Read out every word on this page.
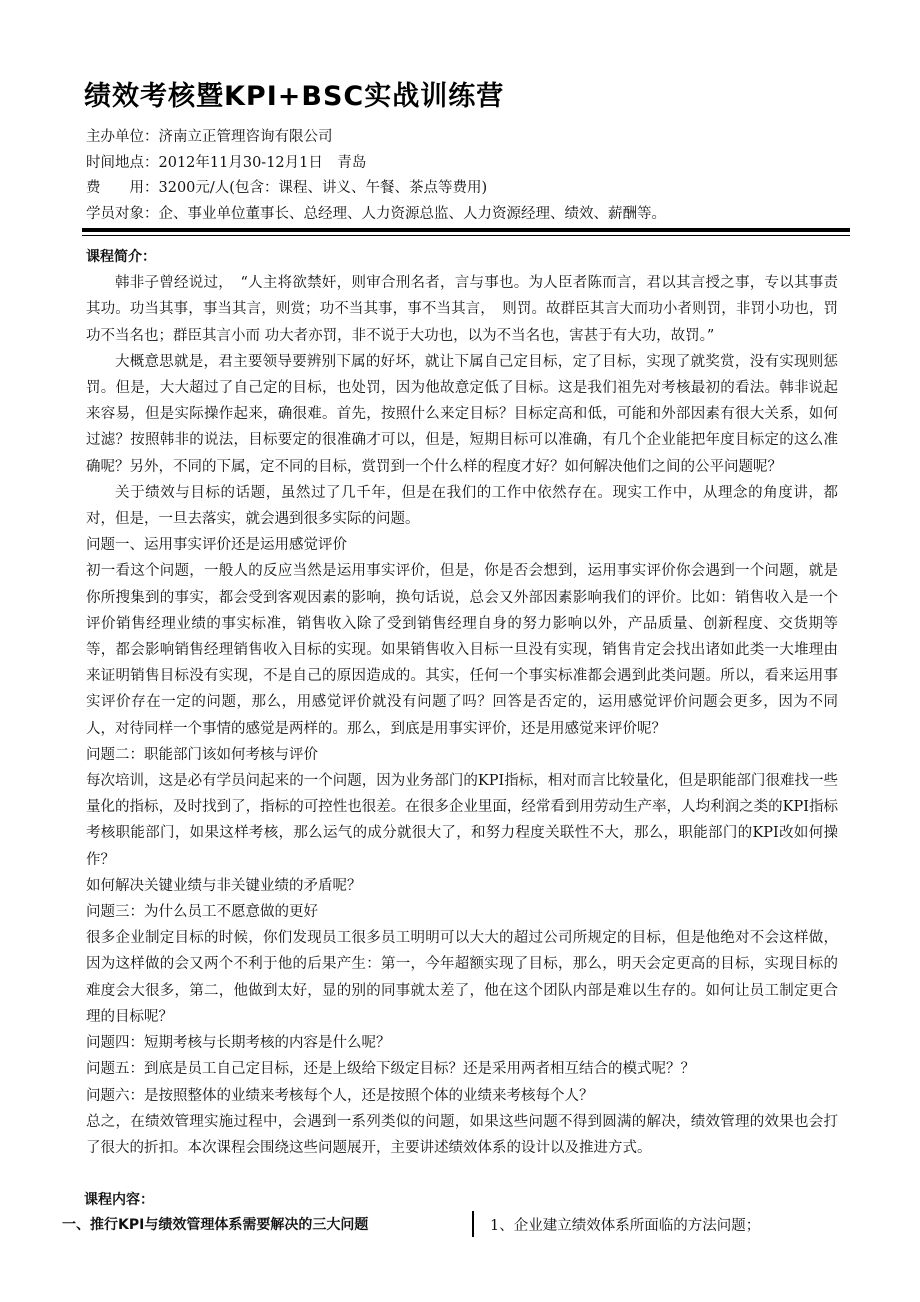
绩效考核暨KPI+BSC实战训练营
主办单位：济南立正管理咨询有限公司
时间地点：2012年11月30-12月1日　青岛
费　　用：3200元/人(包含：课程、讲义、午餐、茶点等费用)
学员对象：企、事业单位董事长、总经理、人力资源总监、人力资源经理、绩效、薪酬等。

课程简介：

韩非子曾经说过，　“人主将欲禁奸，则审合刑名者，言与事也。为人臣者陈而言，君以其言授之事，专以其事责其功。功当其事，事当其言，则赏；功不当其事，事不当其言，　则罚。故群臣其言大而功小者则罚，非罚小功也，罚功不当名也；群臣其言小而 功大者亦罚，非不说于大功也，以为不当名也，害甚于有大功，故罚。”

大概意思就是，君主要领导要辨别下属的好坏，就让下属自己定目标，定了目标，实现了就奖赏，没有实现则惩罚。但是，大大超过了自己定的目标，也处罚，因为他故意定低了目标。这是我们祖先对考核最初的看法。韩非说起来容易，但是实际操作起来，确很难。首先，按照什么来定目标？目标定高和低，可能和外部因素有很大关系，如何过滤？按照韩非的说法，目标要定的很准确才可以，但是，短期目标可以准确，有几个企业能把年度目标定的这么准确呢？另外，不同的下属，定不同的目标，赏罚到一个什么样的程度才好？如何解决他们之间的公平问题呢？

关于绩效与目标的话题，虽然过了几千年，但是在我们的工作中依然存在。现实工作中，从理念的角度讲，都对，但是，一旦去落实，就会遇到很多实际的问题。

问题一、运用事实评价还是运用感觉评价

初一看这个问题，一般人的反应当然是运用事实评价，但是，你是否会想到，运用事实评价你会遇到一个问题，就是你所搜集到的事实，都会受到客观因素的影响，换句话说，总会又外部因素影响我们的评价。比如：销售收入是一个评价销售经理业绩的事实标准，销售收入除了受到销售经理自身的努力影响以外，产品质量、创新程度、交货期等等，都会影响销售经理销售收入目标的实现。如果销售收入目标一旦没有实现，销售肯定会找出诸如此类一大堆理由来证明销售目标没有实现，不是自己的原因造成的。其实，任何一个事实标准都会遇到此类问题。所以，看来运用事实评价存在一定的问题，那么，用感觉评价就没有问题了吗？回答是否定的，运用感觉评价问题会更多，因为不同人，对待同样一个事情的感觉是两样的。那么，到底是用事实评价，还是用感觉来评价呢？

问题二：职能部门该如何考核与评价

每次培训，这是必有学员问起来的一个问题，因为业务部门的KPI指标，相对而言比较量化，但是职能部门很难找一些量化的指标，及时找到了，指标的可控性也很差。在很多企业里面，经常看到用劳动生产率，人均利润之类的KPI指标考核职能部门，如果这样考核，那么运气的成分就很大了，和努力程度关联性不大，那么，职能部门的KPI改如何操作？

如何解决关键业绩与非关键业绩的矛盾呢？

问题三：为什么员工不愿意做的更好

很多企业制定目标的时候，你们发现员工很多员工明明可以大大的超过公司所规定的目标，但是他绝对不会这样做，因为这样做的会又两个不利于他的后果产生：第一，今年超额实现了目标，那么，明天会定更高的目标，实现目标的难度会大很多，第二，他做到太好，显的别的同事就太差了，他在这个团队内部是难以生存的。如何让员工制定更合理的目标呢？

问题四：短期考核与长期考核的内容是什么呢？

问题五：到底是员工自己定目标，还是上级给下级定目标？还是采用两者相互结合的模式呢？？

问题六：是按照整体的业绩来考核每个人，还是按照个体的业绩来考核每个人？

总之，在绩效管理实施过程中，会遇到一系列类似的问题，如果这些问题不得到圆满的解决，绩效管理的效果也会打了很大的折扣。本次课程会围绕这些问题展开，主要讲述绩效体系的设计以及推进方式。

课程内容：
一、推行KPI与绩效管理体系需要解决的三大问题	1、企业建立绩效体系所面临的方法问题；
